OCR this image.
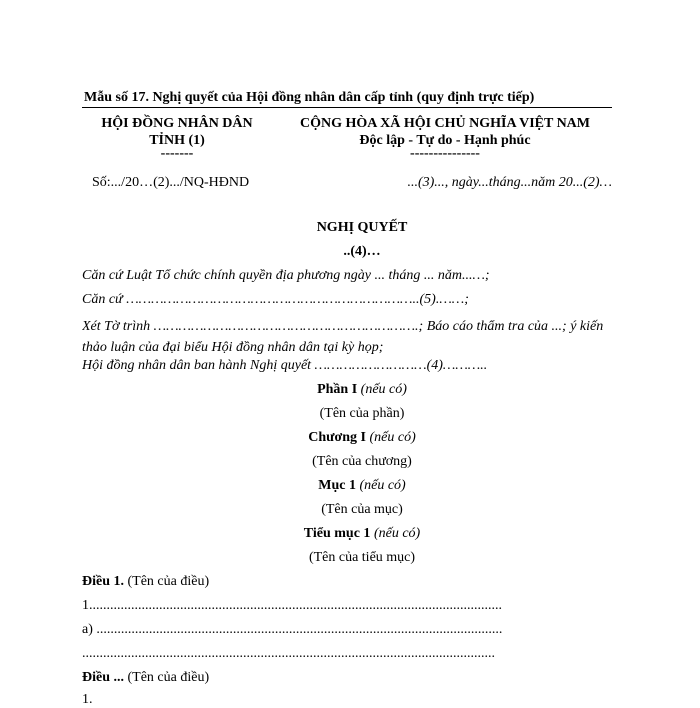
Mẫu số 17. Nghị quyết của Hội đồng nhân dân cấp tỉnh (quy định trực tiếp)
HỘI ĐỒNG NHÂN DÂN
TỈNH (1)
-------
CỘNG HÒA XÃ HỘI CHỦ NGHĨA VIỆT NAM
Độc lập - Tự do - Hạnh phúc
---------------
Số:.../20…(2).../NQ-HĐND	...(3)..., ngày...tháng...năm 20...(2)…
NGHỊ QUYẾT
..(4)…
Căn cứ Luật Tổ chức chính quyền địa phương ngày ... tháng ... năm...…;
Căn cứ ……………………………………………………………..(5).……;
Xét Tờ trình ……………………………………………………….; Báo cáo thẩm tra của ...; ý kiến thảo luận của đại biểu Hội đồng nhân dân tại kỳ họp;
Hội đồng nhân dân ban hành Nghị quyết ………………………(4)………..
Phần I (nếu có)
(Tên của phần)
Chương I (nếu có)
(Tên của chương)
Mục 1 (nếu có)
(Tên của mục)
Tiểu mục 1 (nếu có)
(Tên của tiểu mục)
Điều 1. (Tên của điều)
1......................................................................................................................
a) ....................................................................................................................
......................................................................................................................
Điều ... (Tên của điều)
1.
